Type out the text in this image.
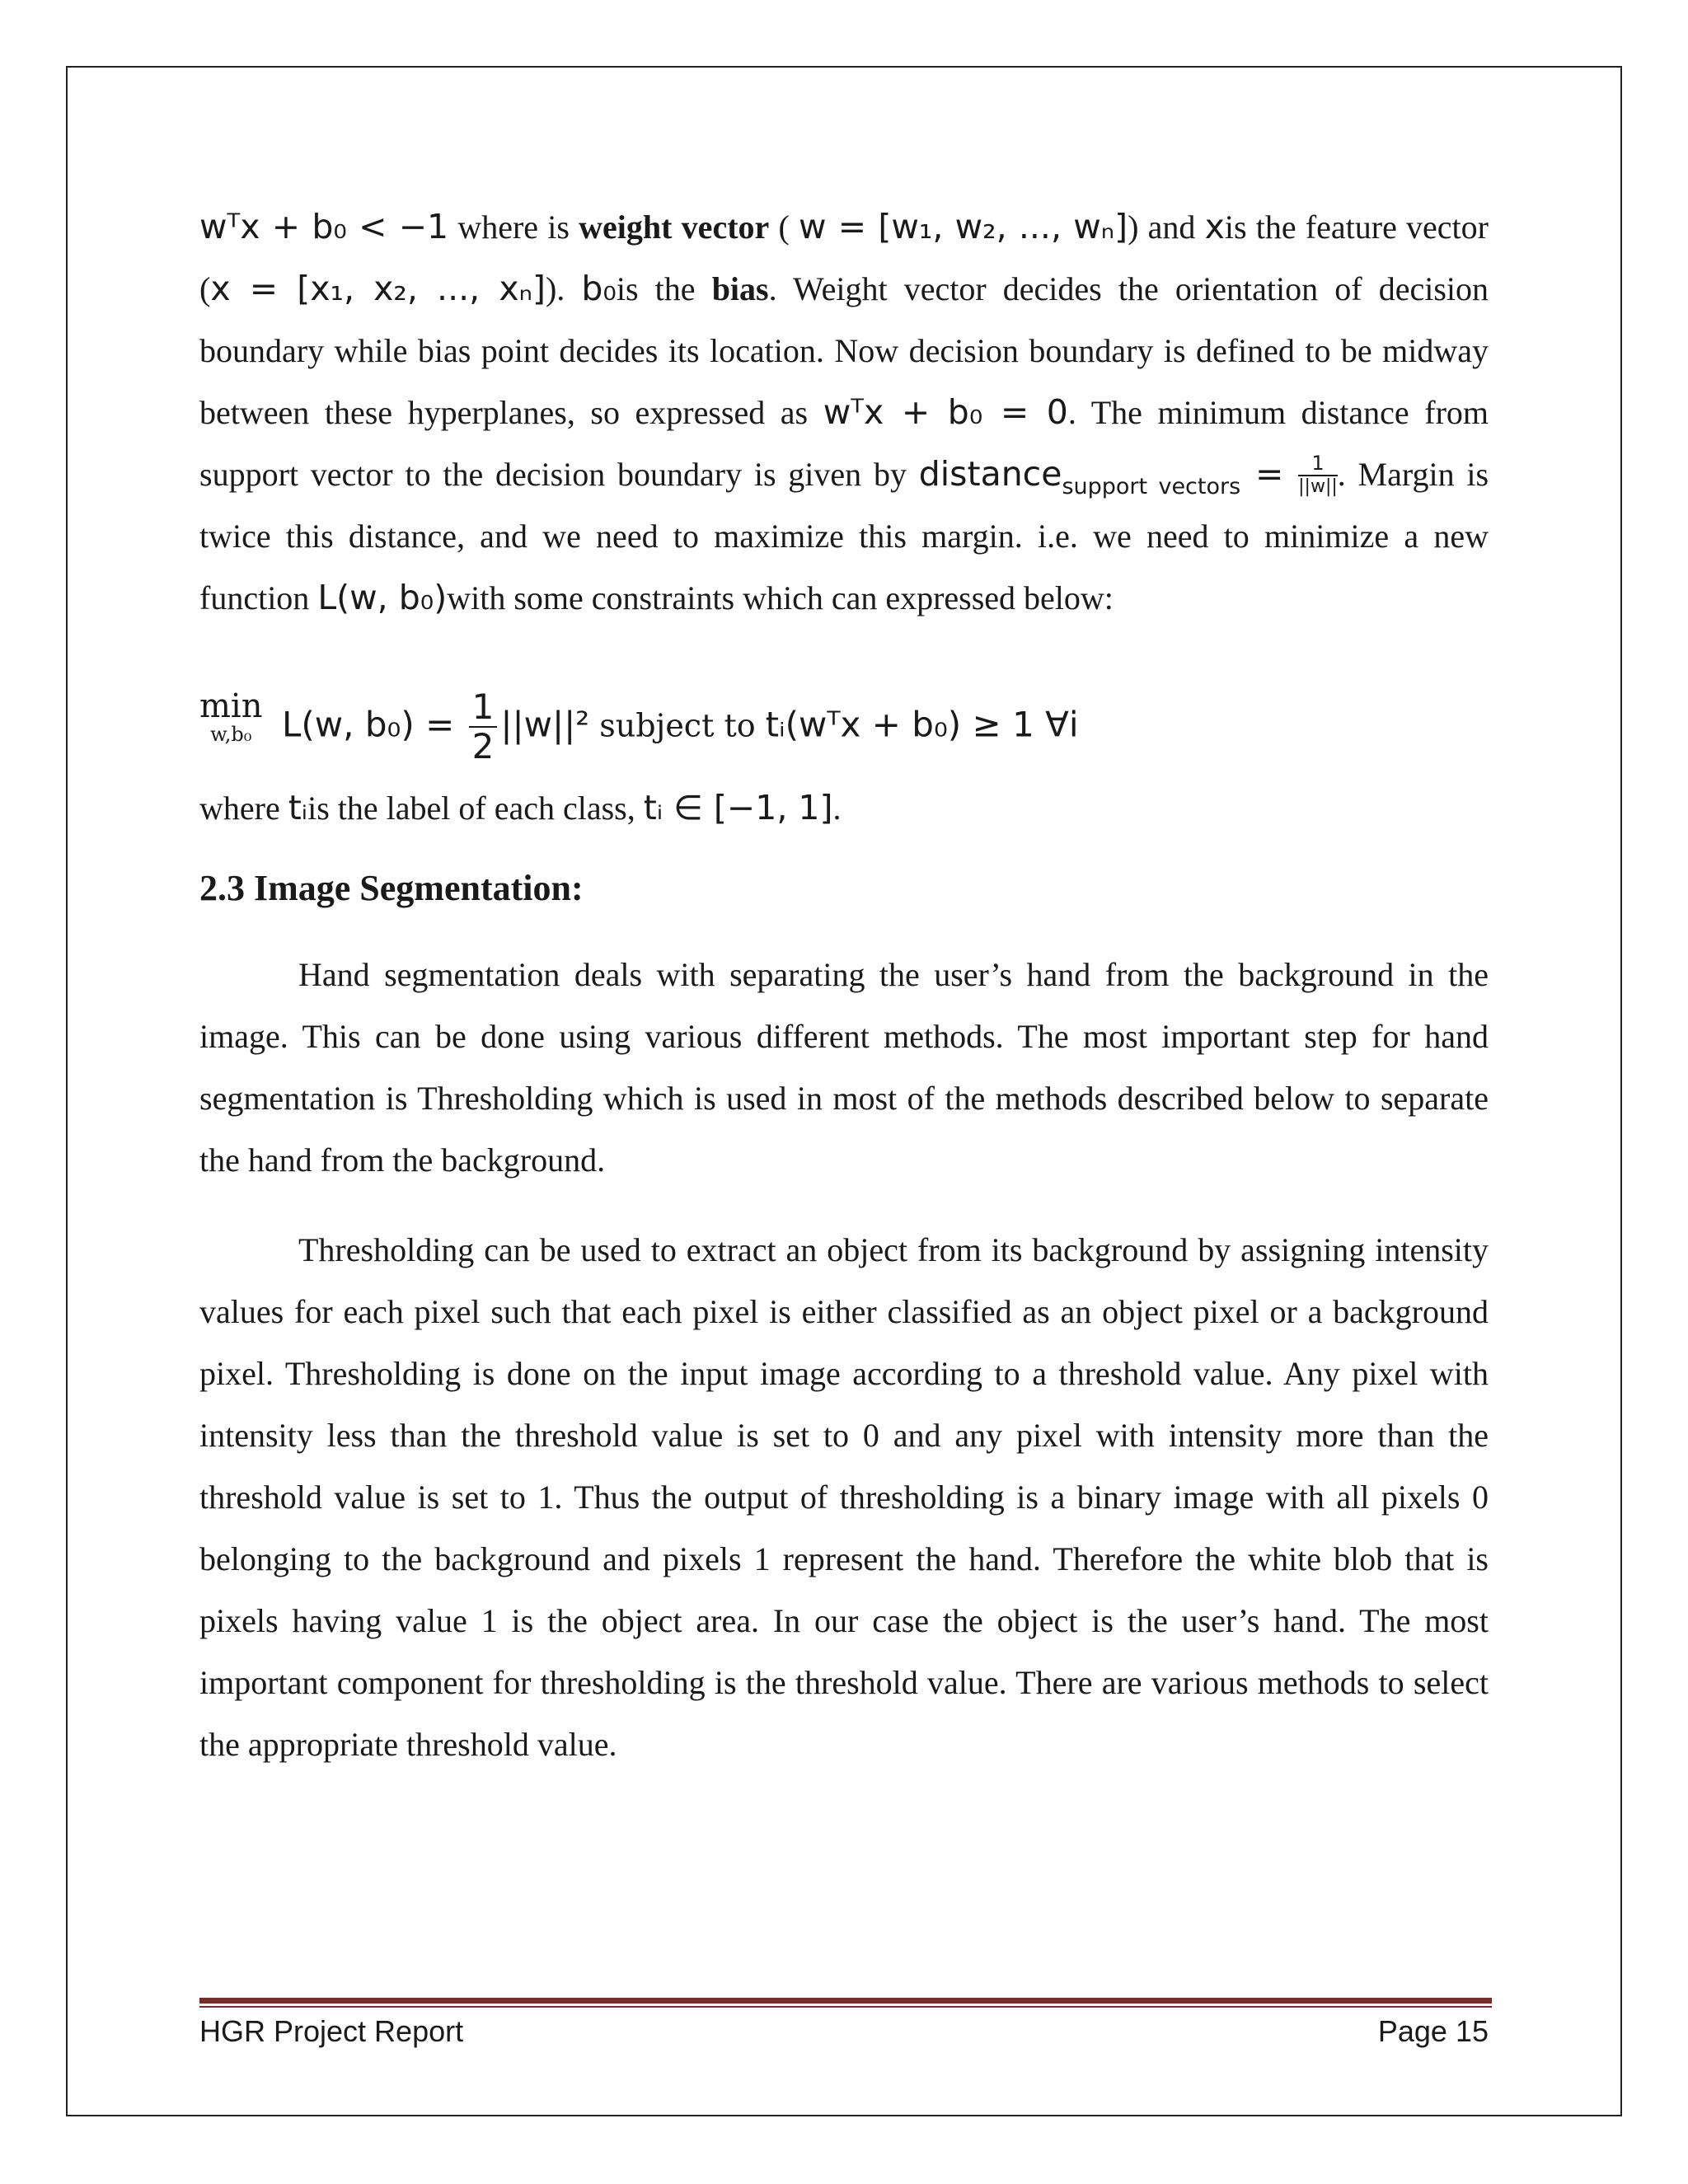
wᵀx + b₀ < −1 where is weight vector ( w = [w₁, w₂, ..., wₙ]) and xis the feature vector (x = [x₁, x₂, ..., xₙ]). b₀is the bias. Weight vector decides the orientation of decision boundary while bias point decides its location. Now decision boundary is defined to be midway between these hyperplanes, so expressed as wᵀx + b₀ = 0. The minimum distance from support vector to the decision boundary is given by distance$_{support vectors}$ = $\frac{1}{||w||}$ . Margin is twice this distance, and we need to maximize this margin. i.e. we need to minimize a new function L(w, b₀)with some constraints which can expressed below:

min
w,b₀ L(w, $b_0) = \frac{1}{2} ||w||^2$ subject to tᵢ(wᵀx + b₀) ≥ 1 ∀i

where tᵢis the label of each class, tᵢ ∈ [−1, 1].

2.3 Image Segmentation:

Hand segmentation deals with separating the user’s hand from the background in the image. This can be done using various different methods. The most important step for hand segmentation is Thresholding which is used in most of the methods described below to separate the hand from the background.

Thresholding can be used to extract an object from its background by assigning intensity values for each pixel such that each pixel is either classified as an object pixel or a background pixel. Thresholding is done on the input image according to a threshold value. Any pixel with intensity less than the threshold value is set to 0 and any pixel with intensity more than the threshold value is set to 1. Thus the output of thresholding is a binary image with all pixels 0 belonging to the background and pixels 1 represent the hand. Therefore the white blob that is pixels having value 1 is the object area. In our case the object is the user’s hand. The most important component for thresholding is the threshold value. There are various methods to select the appropriate threshold value.

HGR Project Report	Page 15
